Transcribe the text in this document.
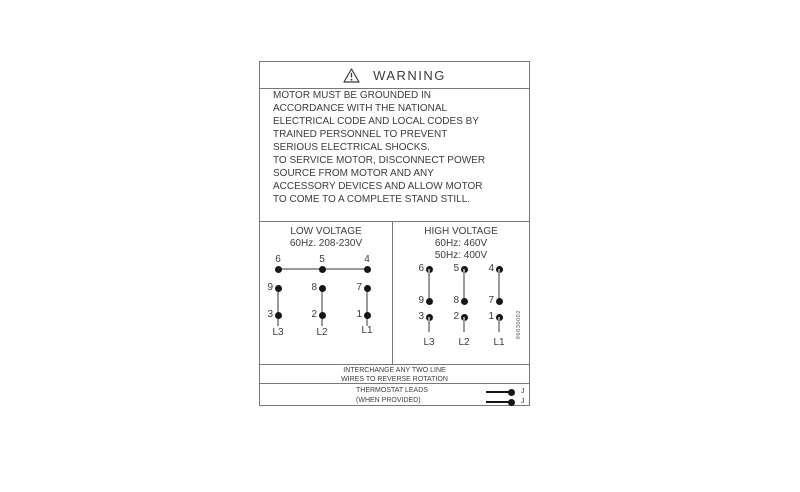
WARNING

MOTOR MUST BE GROUNDED IN ACCORDANCE WITH THE NATIONAL ELECTRICAL CODE AND LOCAL CODES BY TRAINED PERSONNEL TO PREVENT SERIOUS ELECTRICAL SHOCKS.

TO SERVICE MOTOR, DISCONNECT POWER SOURCE FROM MOTOR AND ANY ACCESSORY DEVICES AND ALLOW MOTOR TO COME TO A COMPLETE STAND STILL.

LOW VOLTAGE
60Hz. 208-230V
6
9
3
L3
5
8
2
L2
4
7
1
L1
HIGH VOLTAGE
60Hz: 460V
50Hz: 400V
6
9
3
L3
5
8
2
L2
4
7
1
L1
96830002
INTERCHANGE ANY TWO LINE
WIRES TO REVERSE ROTATION
THERMOSTAT LEADS
(WHEN PROVIDED)
J
J
